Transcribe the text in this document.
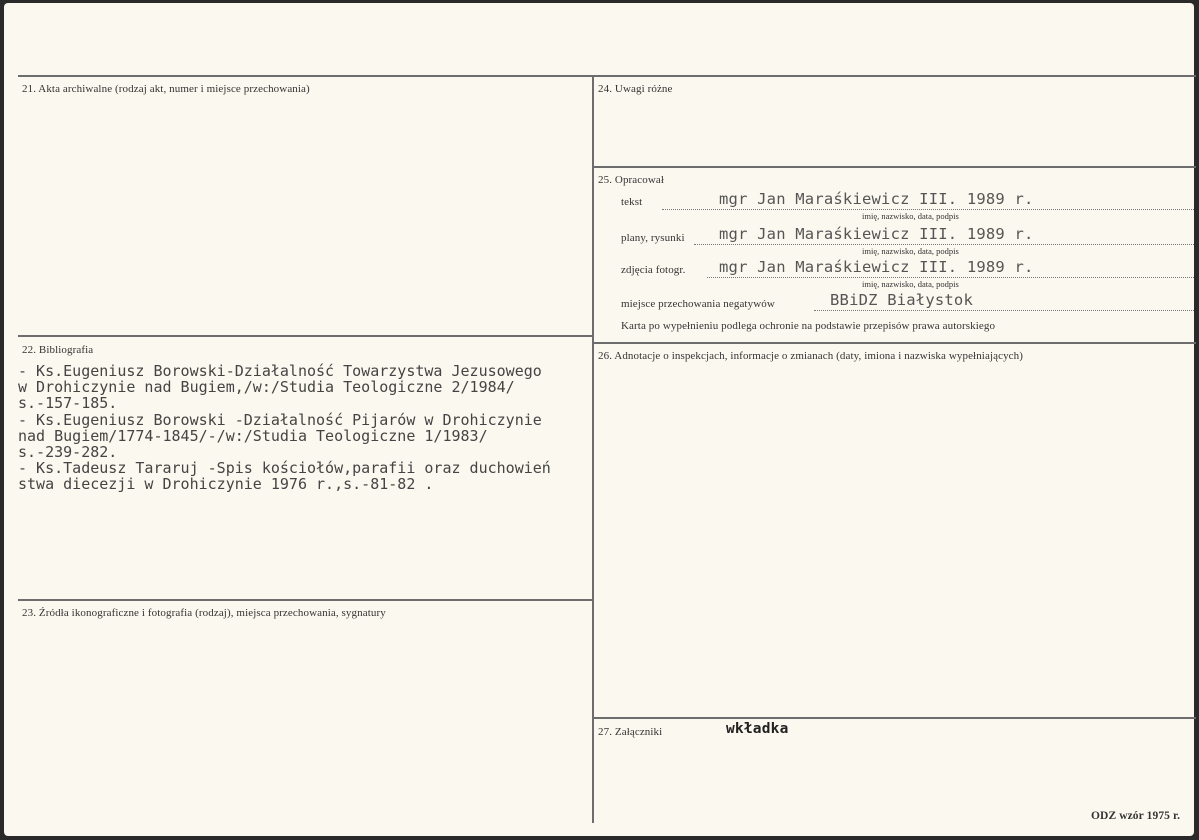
21. Akta archiwalne (rodzaj akt, numer i miejsce przechowania)
22. Bibliografia
23. Źródła ikonograficzne i fotografia (rodzaj), miejsca przechowania, sygnatury
24. Uwagi różne
25. Opracował
26. Adnotacje o inspekcjach, informacje o zmianach (daty, imiona i nazwiska wypełniających)
27. Załączniki
tekst	mgr Jan Maraśkiewicz III. 1989 r.
imię, nazwisko, data, podpis
plany, rysunki mgr Jan Maraśkiewicz III. 1989 r.
imię, nazwisko, data, podpis
zdjęcia fotogr. mgr Jan Maraśkiewicz III. 1989 r.
imię, nazwisko, data, podpis
miejsce przechowania negatywów	BBiDZ Białystok
Karta po wypełnieniu podlega ochronie na podstawie przepisów prawa autorskiego
- Ks.Eugeniusz Borowski-Działalność Towarzystwa Jezusowego
w Drohiczynie nad Bugiem,/w:/Studia Teologiczne 2/1984/
s.-157-185.
- Ks.Eugeniusz Borowski -Działalność Pijarów w Drohiczynie
nad Bugiem/1774-1845/-/w:/Studia Teologiczne 1/1983/
s.-239-282.
- Ks.Tadeusz Tararuj -Spis kościołów,parafii oraz duchowień
stwa diecezji w Drohiczynie 1976 r.,s.-81-82 .
wkładka
ODZ wzór 1975 r.
